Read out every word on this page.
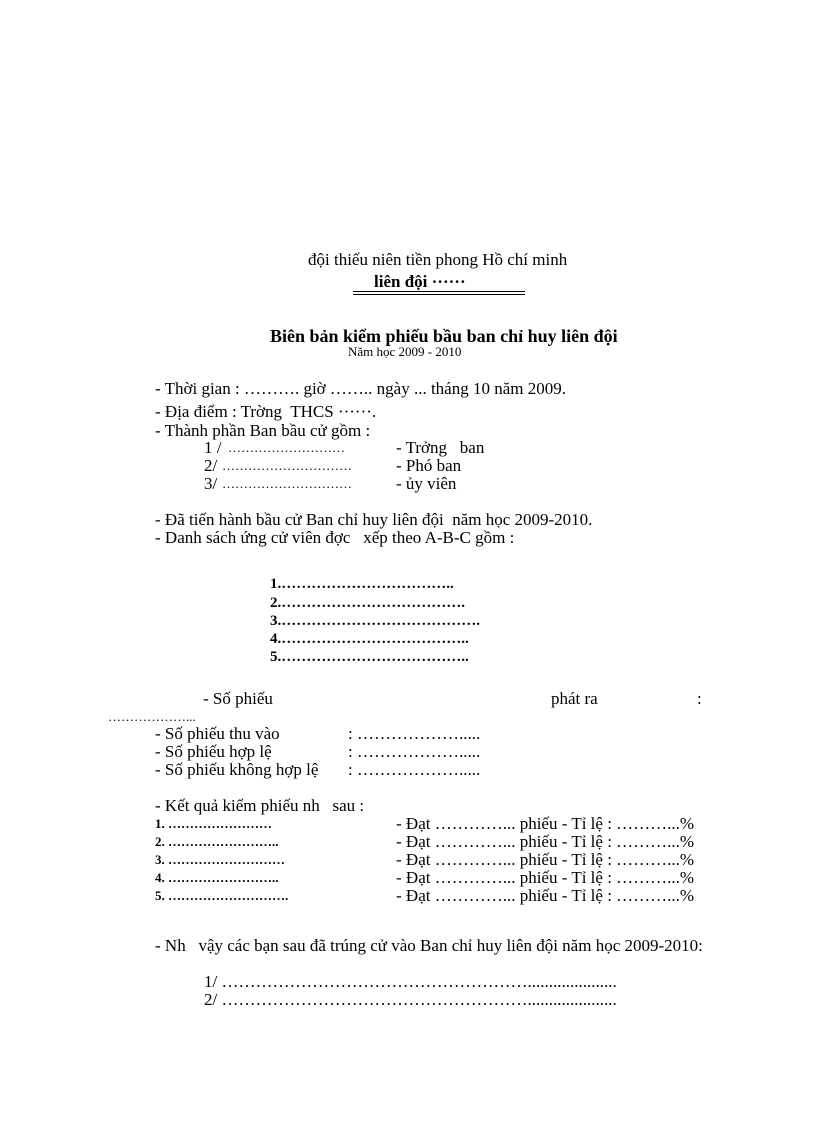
đội thiếu niên tiền phong Hồ chí minh
liên đội ······
Biên bản kiểm phiếu bầu ban chỉ huy liên đội
Năm học 2009 - 2010
- Thời gian : ………. giờ …….. ngày ... tháng 10 năm 2009.
- Địa điểm : Trờng  THCS ······.
- Thành phần Ban bầu cử gồm :
1 / ………………………	- Trởng   ban
2/ …………………………	- Phó ban
3/ …………………………	- ủy viên
- Đã tiến hành bầu cử Ban chỉ huy liên đội  năm học 2009-2010.
- Danh sách ứng cử viên đợc   xếp theo A-B-C gồm :
1.……………………………..
2.……………………………….
3.………………………………….
4.………………………………..
5.………………………………..
- Số phiếu	phát ra	:
………………...
- Số phiếu thu vào	: ……………….....
- Số phiếu hợp lệ	: ……………….....
- Số phiếu không hợp lệ : ……………….....
- Kết quả kiểm phiếu nh   sau :
1. ……………………	- Đạt …………... phiếu - Tỉ lệ : ………...%
2. ……………………..	- Đạt …………... phiếu - Tỉ lệ : ………...%
3. ………………………	- Đạt …………... phiếu - Tỉ lệ : ………...%
4. ……………………..	- Đạt …………... phiếu - Tỉ lệ : ………...%
5. ……………………….	- Đạt …………... phiếu - Tỉ lệ : ………...%
- Nh   vậy các bạn sau đã trúng cử vào Ban chỉ huy liên đội năm học 2009-2010:
1/ ……………………………………………….....................
2/ ……………………………………………….....................
